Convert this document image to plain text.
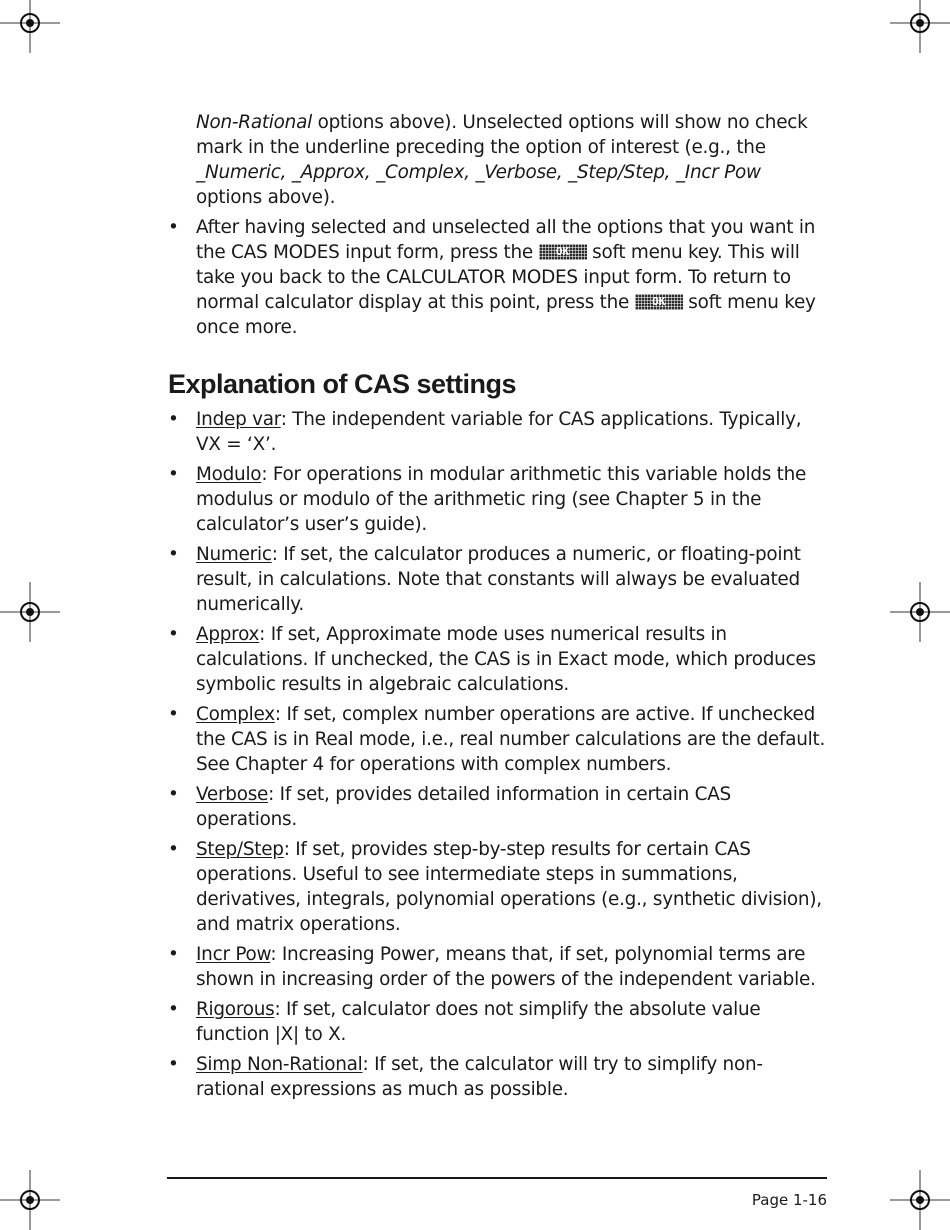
Non-Rational options above). Unselected options will show no check mark in the underline preceding the option of interest (e.g., the _Numeric, _Approx, _Complex, _Verbose, _Step/Step, _Incr Pow options above).

• After having selected and unselected all the options that you want in the CAS MODES input form, press the	OK soft menu key. This will take you back to the CALCULATOR MODES input form. To return to normal calculator display at this point, press the	OK soft menu key once more.
Explanation of CAS settings
• Indep var: The independent variable for CAS applications. Typically, VX = ‘X’.
• Modulo: For operations in modular arithmetic this variable holds the modulus or modulo of the arithmetic ring (see Chapter 5 in the calculator’s user’s guide).
• Numeric: If set, the calculator produces a numeric, or floating-point result, in calculations. Note that constants will always be evaluated numerically.
• Approx: If set, Approximate mode uses numerical results in calculations. If unchecked, the CAS is in Exact mode, which produces symbolic results in algebraic calculations.
• Complex: If set, complex number operations are active. If unchecked the CAS is in Real mode, i.e., real number calculations are the default. See Chapter 4 for operations with complex numbers.
• Verbose: If set, provides detailed information in certain CAS operations.
• Step/Step: If set, provides step-by-step results for certain CAS operations. Useful to see intermediate steps in summations, derivatives, integrals, polynomial operations (e.g., synthetic division), and matrix operations.
• Incr Pow: Increasing Power, means that, if set, polynomial terms are shown in increasing order of the powers of the independent variable.
• Rigorous: If set, calculator does not simplify the absolute value function |X| to X.
• Simp Non-Rational: If set, the calculator will try to simplify non-rational expressions as much as possible.
Page 1-16
